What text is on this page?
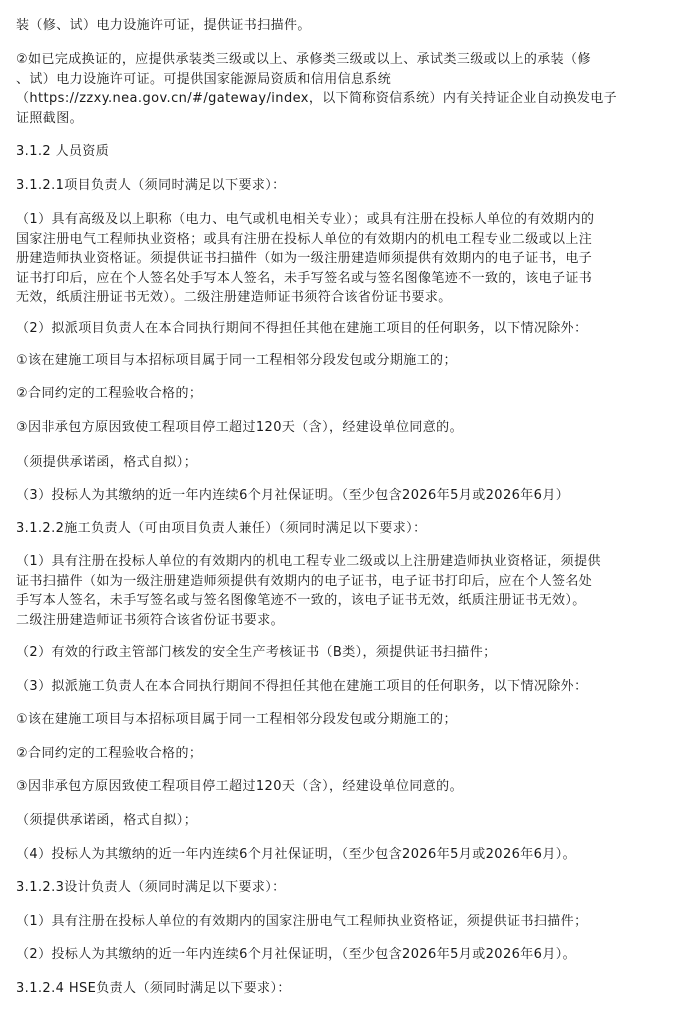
装（修、试）电力设施许可证，提供证书扫描件。

②如已完成换证的，应提供承装类三级或以上、承修类三级或以上、承试类三级或以上的承装（修
、试）电力设施许可证。可提供国家能源局资质和信用信息系统
（https://zzxy.nea.gov.cn/#/gateway/index，以下简称资信系统）内有关持证企业自动换发电子
证照截图。

3.1.2 人员资质

3.1.2.1项目负责人（须同时满足以下要求）：

（1）具有高级及以上职称（电力、电气或机电相关专业）；或具有注册在投标人单位的有效期内的
国家注册电气工程师执业资格；或具有注册在投标人单位的有效期内的机电工程专业二级或以上注
册建造师执业资格证。须提供证书扫描件（如为一级注册建造师须提供有效期内的电子证书，电子
证书打印后，应在个人签名处手写本人签名，未手写签名或与签名图像笔迹不一致的，该电子证书
无效，纸质注册证书无效）。二级注册建造师证书须符合该省份证书要求。

（2）拟派项目负责人在本合同执行期间不得担任其他在建施工项目的任何职务，以下情况除外：

①该在建施工项目与本招标项目属于同一工程相邻分段发包或分期施工的；

②合同约定的工程验收合格的；

③因非承包方原因致使工程项目停工超过120天（含），经建设单位同意的。

（须提供承诺函，格式自拟）；

（3）投标人为其缴纳的近一年内连续6个月社保证明。（至少包含2026年5月或2026年6月）

3.1.2.2施工负责人（可由项目负责人兼任）（须同时满足以下要求）：

（1）具有注册在投标人单位的有效期内的机电工程专业二级或以上注册建造师执业资格证，须提供
证书扫描件（如为一级注册建造师须提供有效期内的电子证书，电子证书打印后，应在个人签名处
手写本人签名，未手写签名或与签名图像笔迹不一致的，该电子证书无效，纸质注册证书无效）。
二级注册建造师证书须符合该省份证书要求。

（2）有效的行政主管部门核发的安全生产考核证书（B类），须提供证书扫描件；

（3）拟派施工负责人在本合同执行期间不得担任其他在建施工项目的任何职务，以下情况除外：

①该在建施工项目与本招标项目属于同一工程相邻分段发包或分期施工的；

②合同约定的工程验收合格的；

③因非承包方原因致使工程项目停工超过120天（含），经建设单位同意的。

（须提供承诺函，格式自拟）；

（4）投标人为其缴纳的近一年内连续6个月社保证明，（至少包含2026年5月或2026年6月）。

3.1.2.3设计负责人（须同时满足以下要求）：

（1）具有注册在投标人单位的有效期内的国家注册电气工程师执业资格证，须提供证书扫描件；

（2）投标人为其缴纳的近一年内连续6个月社保证明，（至少包含2026年5月或2026年6月）。

3.1.2.4 HSE负责人（须同时满足以下要求）：
